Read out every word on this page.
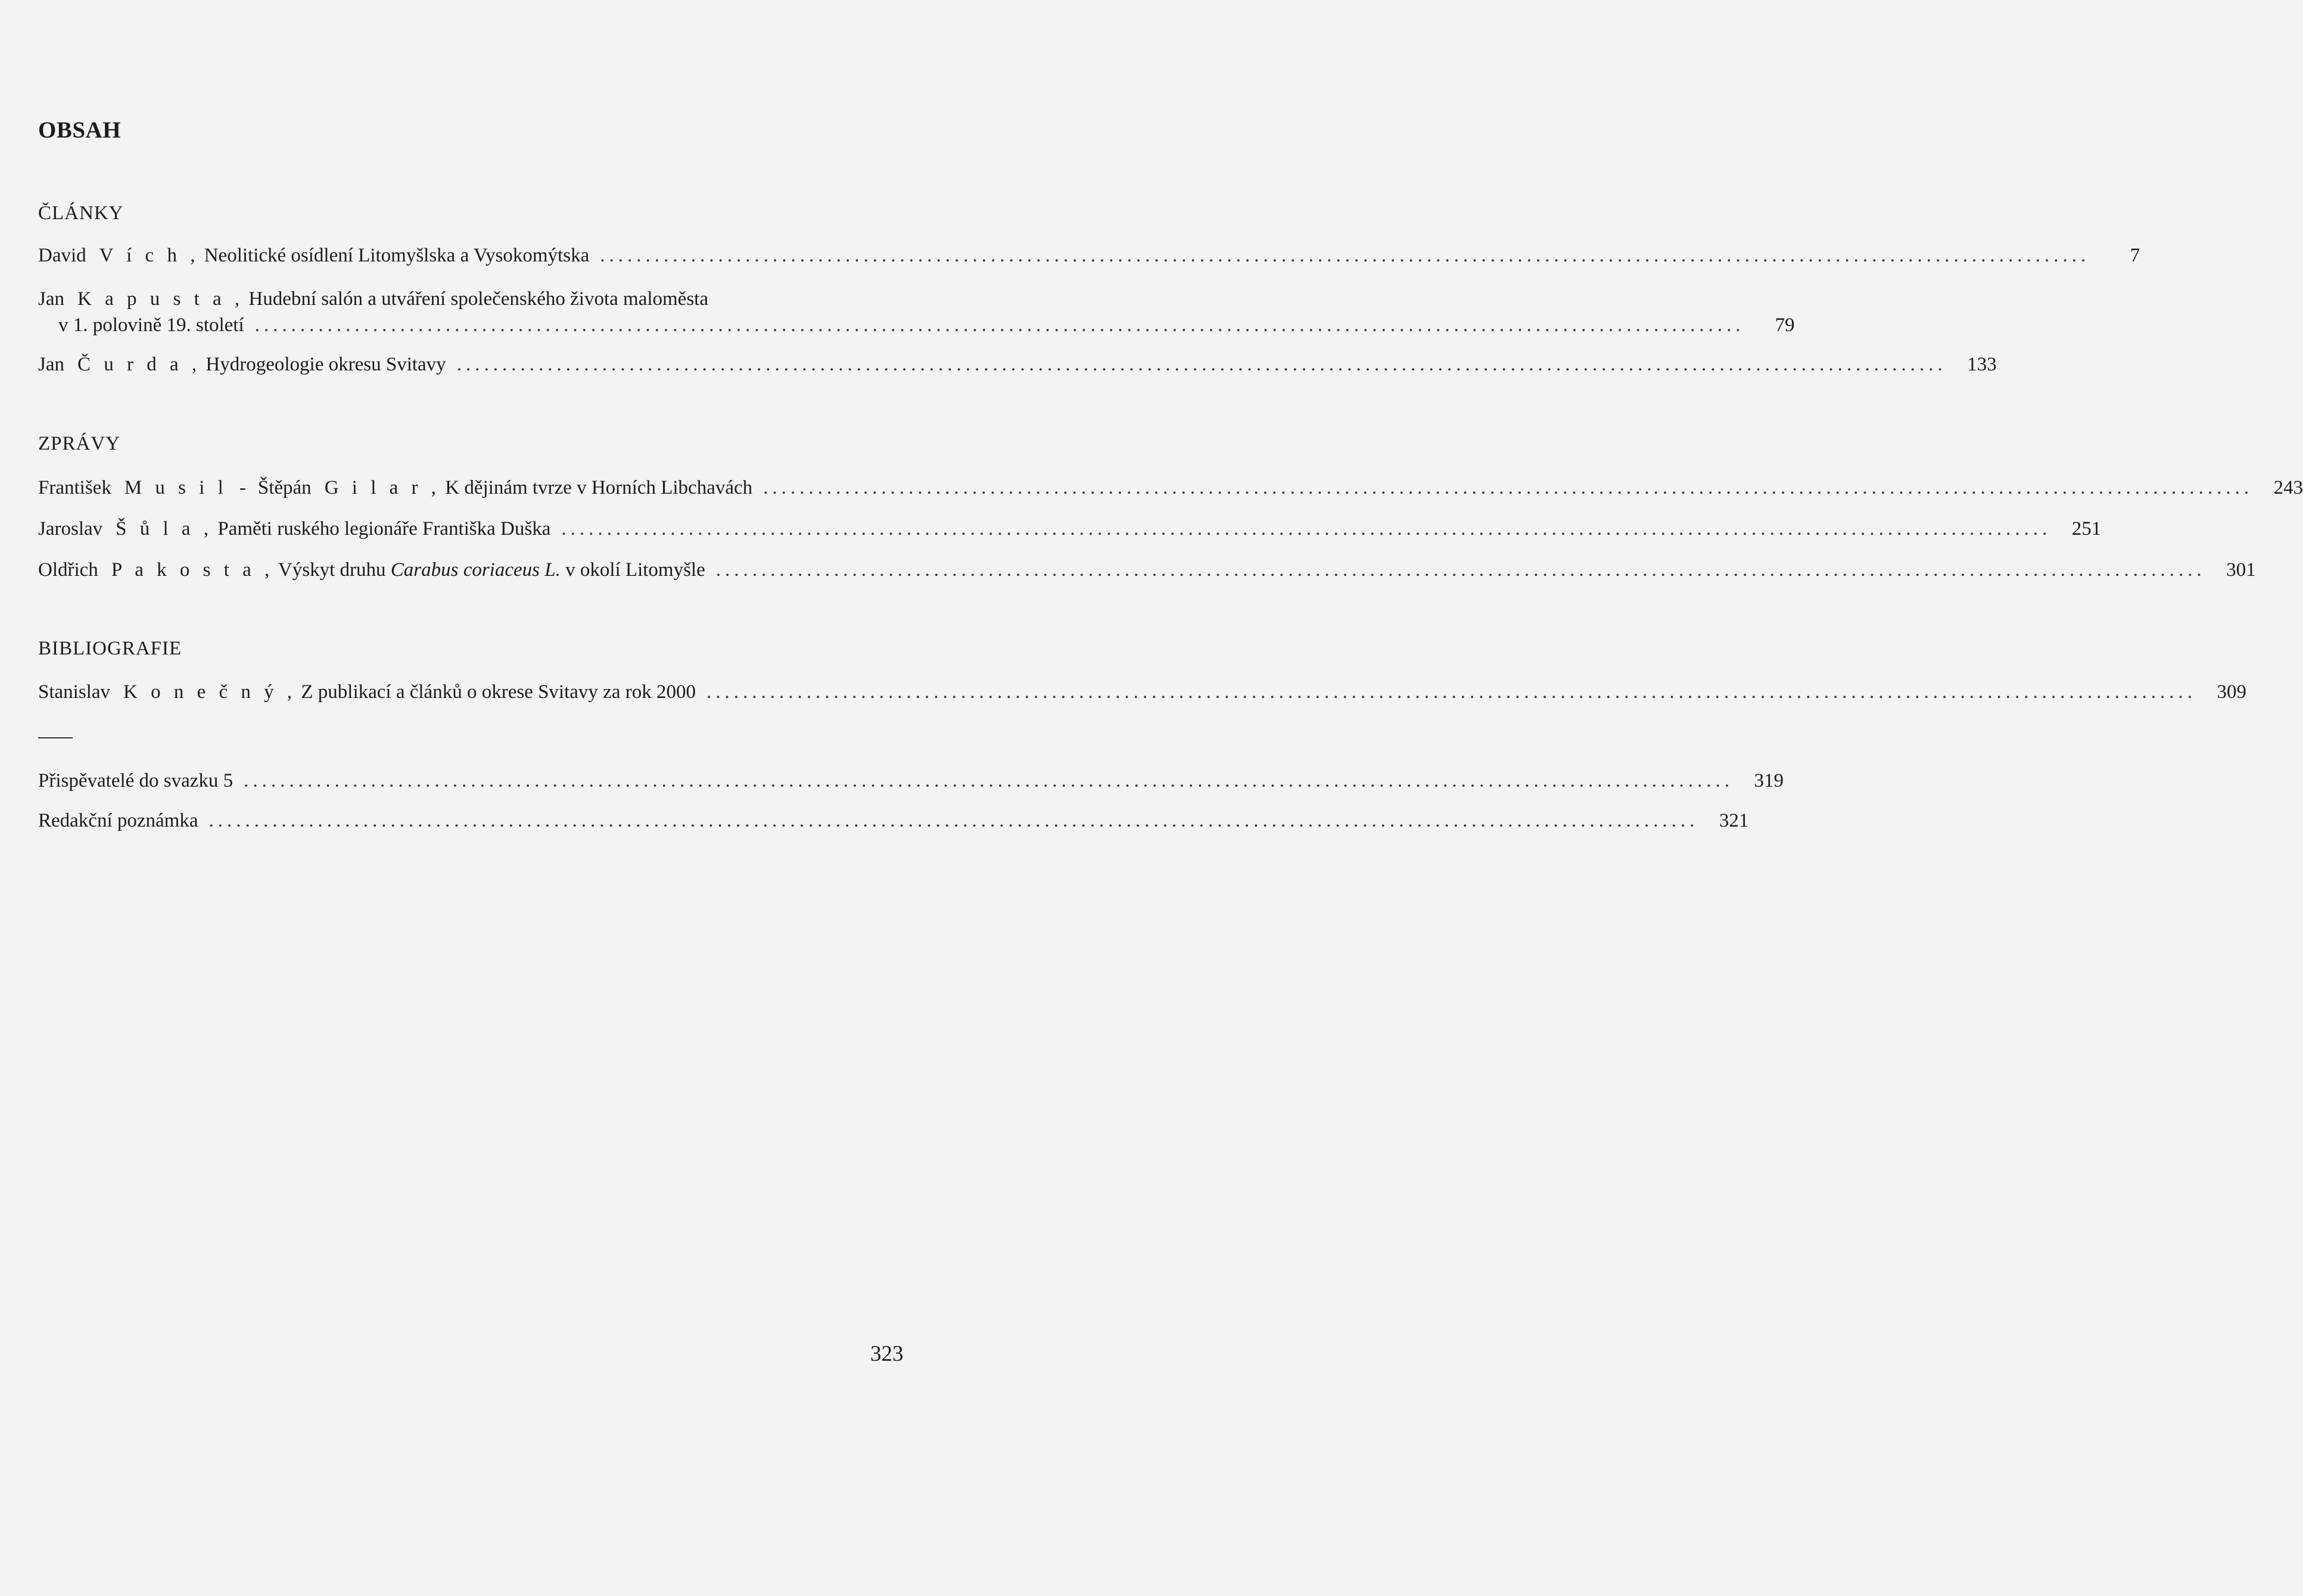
OBSAH
ČLÁNKY
David V í c h , Neolitické osídlení Litomyšlska a Vysokomýtska ....................................................................................................................................................................	7
Jan K a p u s t a , Hudební salón a utváření společenského života maloměsta
v 1. polovině 19. století ....................................................................................................................................................................	79
Jan Č u r d a , Hydrogeologie okresu Svitavy ....................................................................................................................................................................	133
ZPRÁVY
František M u s i l - Štěpán G i l a r , K dějinám tvrze v Horních Libchavách ....................................................................................................................................................................	243
Jaroslav Š ů l a , Paměti ruského legionáře Františka Duška ....................................................................................................................................................................	251
Oldřich P a k o s t a , Výskyt druhu Carabus coriaceus L. v okolí Litomyšle ....................................................................................................................................................................	301
BIBLIOGRAFIE
Stanislav K o n e č n ý , Z publikací a článků o okrese Svitavy za rok 2000 ....................................................................................................................................................................	309
Přispěvatelé do svazku 5 ....................................................................................................................................................................	319
Redakční poznámka ....................................................................................................................................................................	321
323
